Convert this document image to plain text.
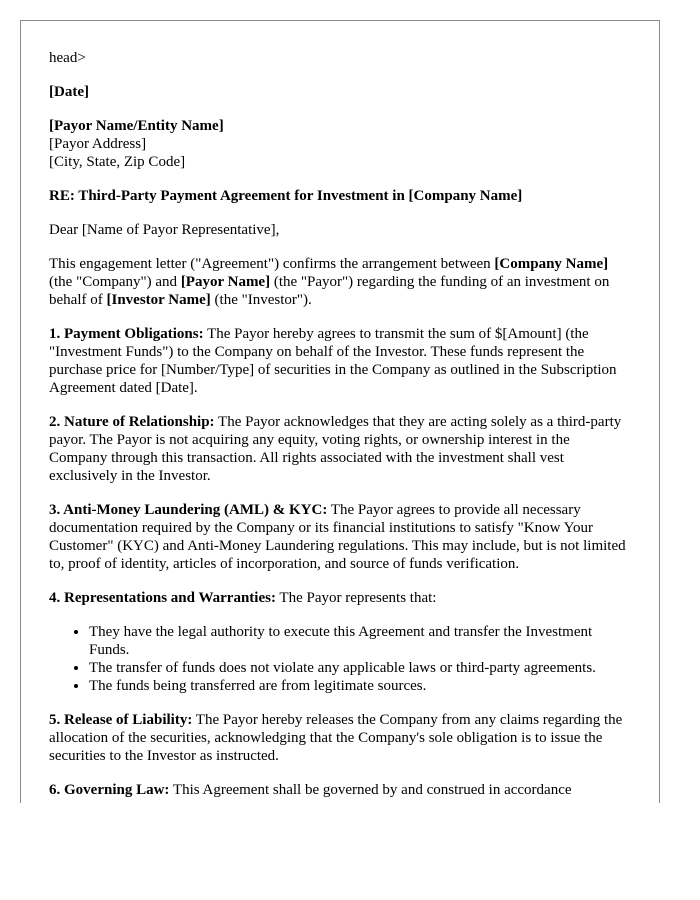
head>

[Date]

[Payor Name/Entity Name]
[Payor Address]
[City, State, Zip Code]

RE: Third-Party Payment Agreement for Investment in [Company Name]

Dear [Name of Payor Representative],

This engagement letter ("Agreement") confirms the arrangement between [Company Name] (the "Company") and [Payor Name] (the "Payor") regarding the funding of an investment on behalf of [Investor Name] (the "Investor").

1. Payment Obligations: The Payor hereby agrees to transmit the sum of $[Amount] (the "Investment Funds") to the Company on behalf of the Investor. These funds represent the purchase price for [Number/Type] of securities in the Company as outlined in the Subscription Agreement dated [Date].

2. Nature of Relationship: The Payor acknowledges that they are acting solely as a third-party payor. The Payor is not acquiring any equity, voting rights, or ownership interest in the Company through this transaction. All rights associated with the investment shall vest exclusively in the Investor.

3. Anti-Money Laundering (AML) & KYC: The Payor agrees to provide all necessary documentation required by the Company or its financial institutions to satisfy "Know Your Customer" (KYC) and Anti-Money Laundering regulations. This may include, but is not limited to, proof of identity, articles of incorporation, and source of funds verification.

4. Representations and Warranties: The Payor represents that:

• They have the legal authority to execute this Agreement and transfer the Investment Funds.
• The transfer of funds does not violate any applicable laws or third-party agreements.
• The funds being transferred are from legitimate sources.

5. Release of Liability: The Payor hereby releases the Company from any claims regarding the allocation of the securities, acknowledging that the Company's sole obligation is to issue the securities to the Investor as instructed.

6. Governing Law: This Agreement shall be governed by and construed in accordance
